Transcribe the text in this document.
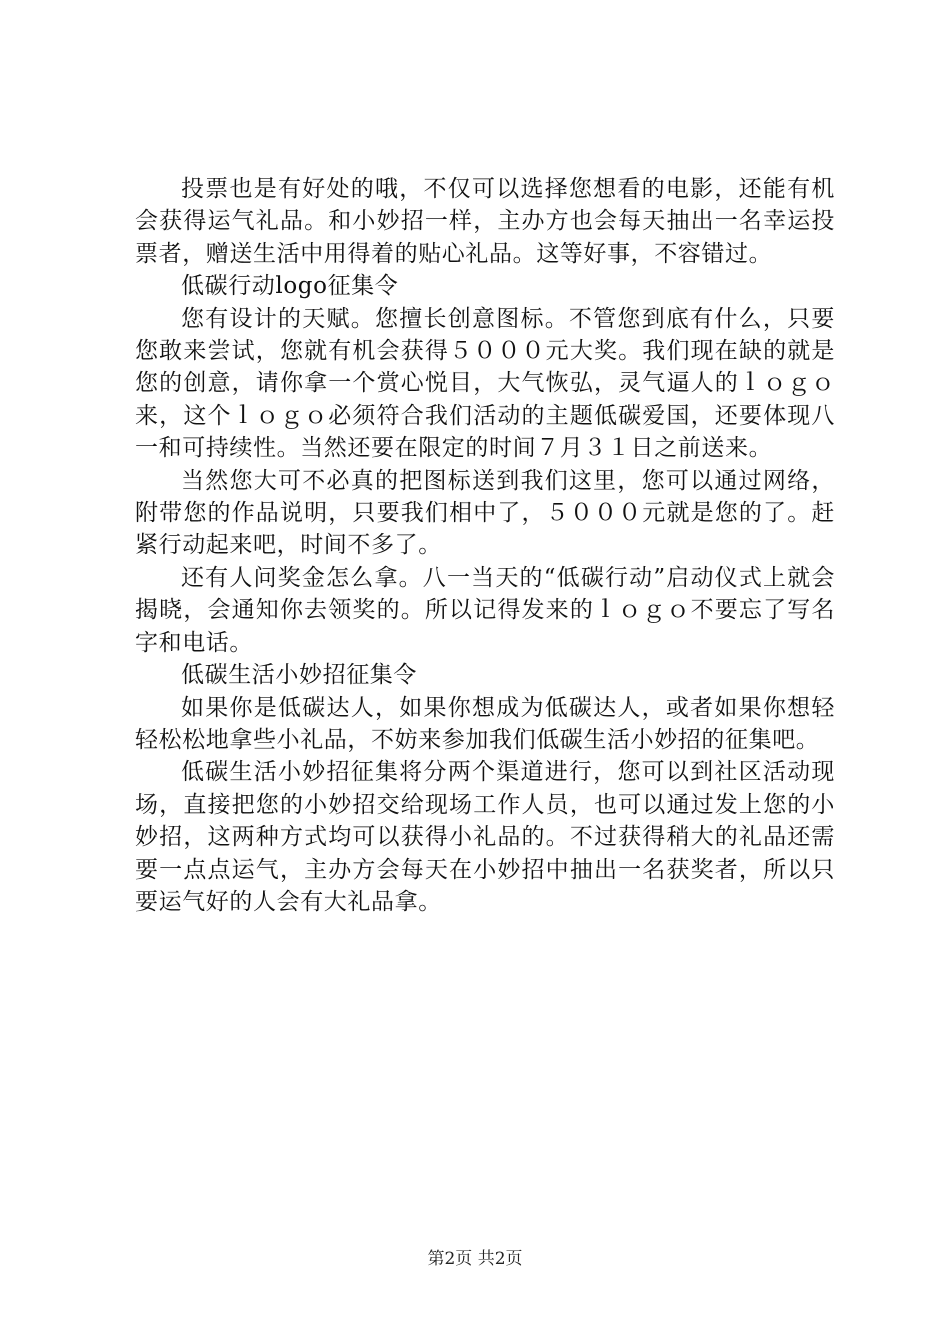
投票也是有好处的哦，不仅可以选择您想看的电影，还能有机会获得运气礼品。和小妙招一样，主办方也会每天抽出一名幸运投票者，赠送生活中用得着的贴心礼品。这等好事，不容错过。

低碳行动logo征集令

您有设计的天赋。您擅长创意图标。不管您到底有什么，只要您敢来尝试，您就有机会获得５０００元大奖。我们现在缺的就是您的创意，请你拿一个赏心悦目，大气恢弘，灵气逼人的ｌｏｇｏ来，这个ｌｏｇｏ必须符合我们活动的主题低碳爱国，还要体现八一和可持续性。当然还要在限定的时间７月３１日之前送来。

当然您大可不必真的把图标送到我们这里，您可以通过网络，附带您的作品说明，只要我们相中了，５０００元就是您的了。赶紧行动起来吧，时间不多了。

还有人问奖金怎么拿。八一当天的“低碳行动”启动仪式上就会揭晓，会通知你去领奖的。所以记得发来的ｌｏｇｏ不要忘了写名字和电话。

低碳生活小妙招征集令

如果你是低碳达人，如果你想成为低碳达人，或者如果你想轻轻松松地拿些小礼品，不妨来参加我们低碳生活小妙招的征集吧。

低碳生活小妙招征集将分两个渠道进行，您可以到社区活动现场，直接把您的小妙招交给现场工作人员，也可以通过发上您的小妙招，这两种方式均可以获得小礼品的。不过获得稍大的礼品还需要一点点运气，主办方会每天在小妙招中抽出一名获奖者，所以只要运气好的人会有大礼品拿。

第2页 共2页
